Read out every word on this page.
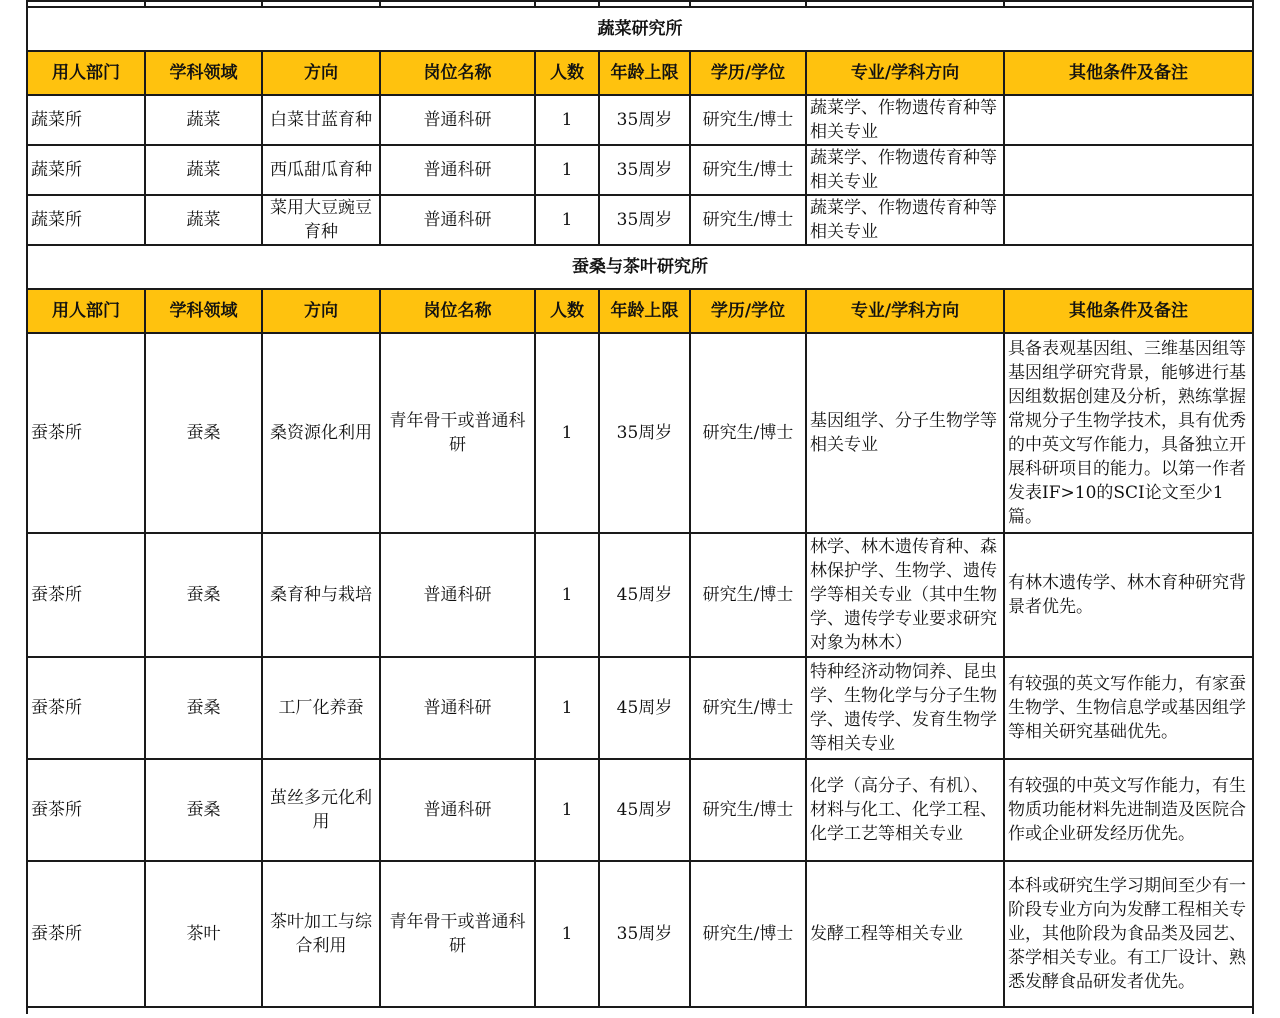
蔬菜研究所								
用人部门	学科领域	方向	岗位名称	人数	年龄上限	学历/学位	专业/学科方向	其他条件及备注
蔬菜所	蔬菜	白菜甘蓝育种	普通科研	1	35周岁	研究生/博士	蔬菜学、作物遗传育种等相关专业	
蔬菜所	蔬菜	西瓜甜瓜育种	普通科研	1	35周岁	研究生/博士	蔬菜学、作物遗传育种等相关专业	
蔬菜所	蔬菜	菜用大豆豌豆育种	普通科研	1	35周岁	研究生/博士	蔬菜学、作物遗传育种等相关专业	
蚕桑与茶叶研究所								
用人部门	学科领域	方向	岗位名称	人数	年龄上限	学历/学位	专业/学科方向	其他条件及备注
蚕茶所	蚕桑	桑资源化利用	青年骨干或普通科研	1	35周岁	研究生/博士	基因组学、分子生物学等相关专业	具备表观基因组、三维基因组等基因组学研究背景，能够进行基因组数据创建及分析，熟练掌握常规分子生物学技术，具有优秀的中英文写作能力，具备独立开展科研项目的能力。以第一作者发表IF>10的SCI论文至少1篇。
蚕茶所	蚕桑	桑育种与栽培	普通科研	1	45周岁	研究生/博士	林学、林木遗传育种、森林保护学、生物学、遗传学等相关专业（其中生物学、遗传学专业要求研究对象为林木）	有林木遗传学、林木育种研究背景者优先。
蚕茶所	蚕桑	工厂化养蚕	普通科研	1	45周岁	研究生/博士	特种经济动物饲养、昆虫学、生物化学与分子生物学、遗传学、发育生物学等相关专业	有较强的英文写作能力，有家蚕生物学、生物信息学或基因组学等相关研究基础优先。
蚕茶所	蚕桑	茧丝多元化利用	普通科研	1	45周岁	研究生/博士	化学（高分子、有机）、材料与化工、化学工程、化学工艺等相关专业	有较强的中英文写作能力，有生物质功能材料先进制造及医院合作或企业研发经历优先。
蚕茶所	茶叶	茶叶加工与综合利用	青年骨干或普通科研	1	35周岁	研究生/博士	发酵工程等相关专业	本科或研究生学习期间至少有一阶段专业方向为发酵工程相关专业，其他阶段为食品类及园艺、茶学相关专业。有工厂设计、熟悉发酵食品研发者优先。
